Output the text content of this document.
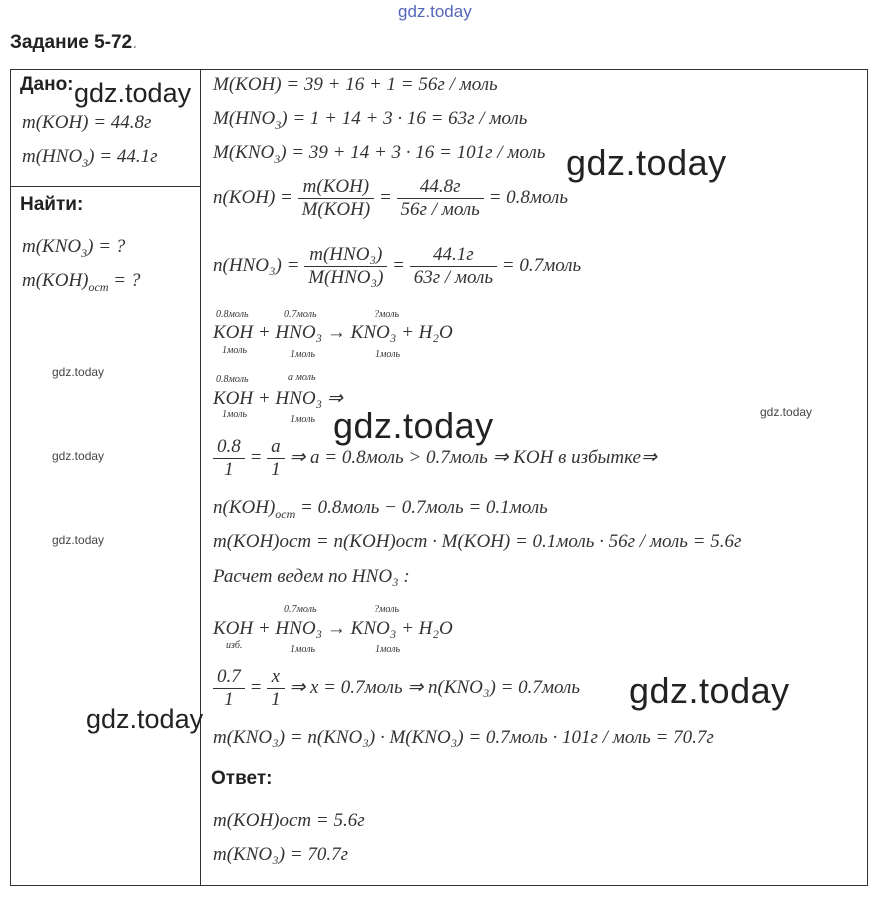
gdz.today
Задание 5-72.
Дано:
m(KOH) = 44.8г
$m(HNO_3) = 44.1г$
Найти:
$m(KNO_3)$ = ?
$m(KOH)_{ост}$ = ?
M(KOH) = 39 + 16 + 1 = 56г / моль
$M(HNO_3) = 1 + 14 + 3 \cdot 16 = 63г$ / моль
$M(KNO_3) = 39 + 14 + 3 \cdot 16 = 101г$ / моль
$n(KOH) = \frac{\text{m(KOH)}}{\text{M(KOH)}} = \frac{44.8г}{\text{56г / моль}}$ = 0.8моль
$n(HNO_3) = \frac{\text{m(HNO₃)}}{\text{M(HNO₃)}} = \frac{44.1г}{\text{63г / моль}}$ = 0.7моль
0.8моль	0.7моль	?моль
KOH + HNO₃ → KNO₃ + H₂O
1моль	1моль	1моль
0.8моль	a моль
KOH + HNO₃ ⇒
1моль	1моль
$\frac{0.8}{1} = \frac{a}{1}$ ⇒ a = 0.8моль > 0.7моль ⇒ KOH в избытке⇒
$n(KOH)_{ост}$ = 0.8моль − 0.7моль = 0.1моль
m(KOH)ост = n(KOH)ост · M(KOH) = 0.1моль · 56г / моль = 5.6г
Расчет ведем по HNO₃ :
0.7моль	?моль
KOH + HNO₃ → KNO₃ + H₂O
изб.	1моль	1моль
$\frac{0.7}{1} = \frac{x}{1}$ ⇒ x = 0.7моль ⇒ n(KNO₃) = 0.7моль
m(KNO₃) = n(KNO₃) · M(KNO₃) = 0.7моль · 101г / моль = 70.7г
Ответ:
m(KOH)ост = 5.6г
m(KNO₃) = 70.7г
gdz.today
gdz.today
gdz.today
gdz.today
gdz.today
gdz.today
gdz.today
gdz.today
gdz.today
